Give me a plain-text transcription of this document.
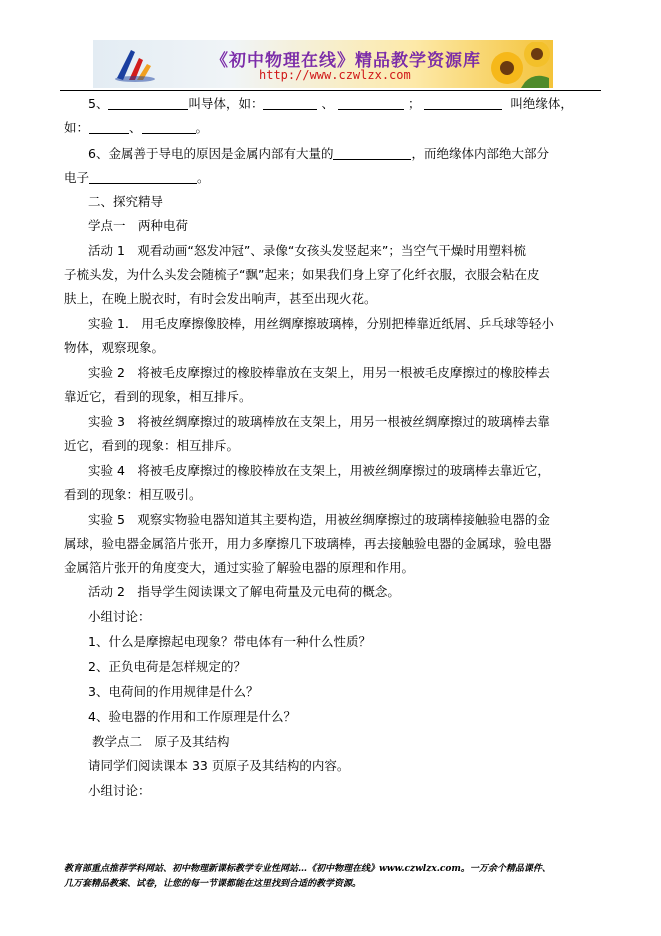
《初中物理在线》精品教学资源库
http://www.czwlzx.com
5、	叫导体，如：	、	；	叫绝缘体，
如：	、	。
6、金属善于导电的原因是金属内部有大量的	，而绝缘体内部绝大部分
电子	。
二、探究精导
学点一　两种电荷
活动 1　观看动画“怒发冲冠”、录像“女孩头发竖起来”；当空气干燥时用塑料梳
子梳头发，为什么头发会随梳子“飘”起来；如果我们身上穿了化纤衣服，衣服会粘在皮
肤上，在晚上脱衣时，有时会发出响声，甚至出现火花。
实验 1.　用毛皮摩擦像胶棒，用丝绸摩擦玻璃棒，分别把棒靠近纸屑、乒乓球等轻小
物体，观察现象。
实验 2　将被毛皮摩擦过的橡胶棒靠放在支架上，用另一根被毛皮摩擦过的橡胶棒去
靠近它，看到的现象，相互排斥。
实验 3　将被丝绸摩擦过的玻璃棒放在支架上，用另一根被丝绸摩擦过的玻璃棒去靠
近它，看到的现象：相互排斥。
实验 4　将被毛皮摩擦过的橡胶棒放在支架上，用被丝绸摩擦过的玻璃棒去靠近它，
看到的现象：相互吸引。
实验 5　观察实物验电器知道其主要构造，用被丝绸摩擦过的玻璃棒接触验电器的金
属球，验电器金属箔片张开，用力多摩擦几下玻璃棒，再去接触验电器的金属球，验电器
金属箔片张开的角度变大，通过实验了解验电器的原理和作用。
活动 2　指导学生阅读课文了解电荷量及元电荷的概念。
小组讨论：
1、什么是摩擦起电现象？带电体有一种什么性质？
2、正负电荷是怎样规定的？
3、电荷间的作用规律是什么？
4、验电器的作用和工作原理是什么？
教学点二　原子及其结构
请同学们阅读课本 33 页原子及其结构的内容。
小组讨论：
教育部重点推荐学科网站、初中物理新课标教学专业性网站…《初中物理在线》www.czwlzx.com。一万余个精品课件、
几万套精品教案、试卷，让您的每一节课都能在这里找到合适的教学资源。
